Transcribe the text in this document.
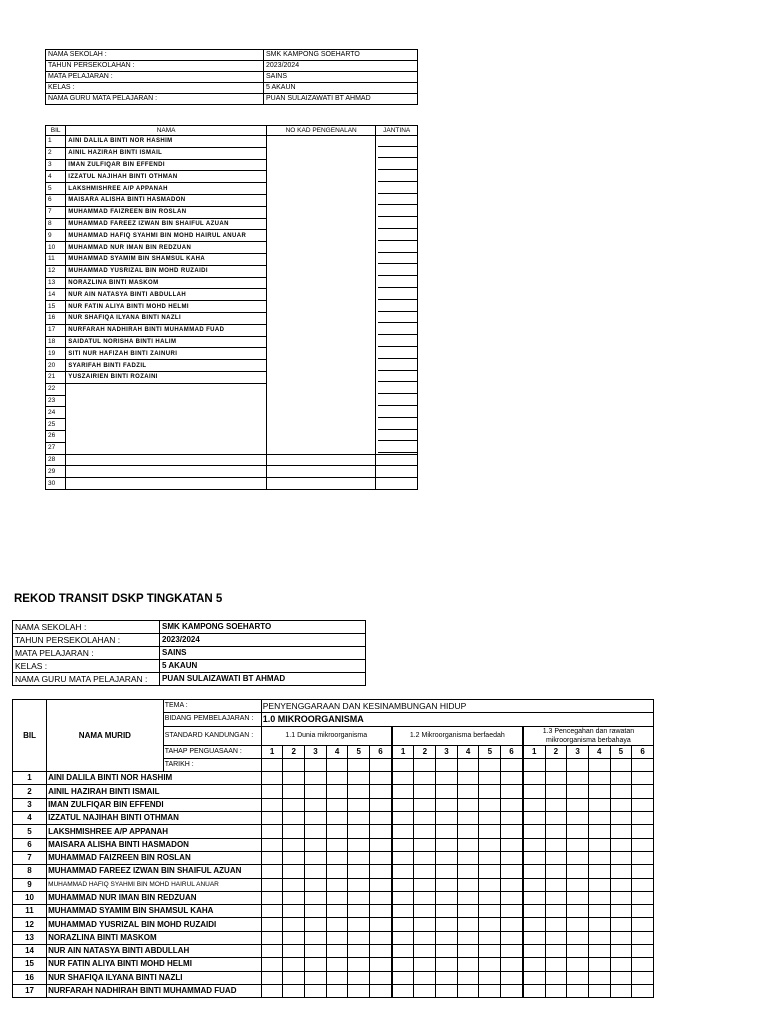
NAMA SEKOLAH :	SMK KAMPONG SOEHARTO
TAHUN PERSEKOLAHAN :	2023/2024
MATA PELAJARAN :	SAINS
KELAS :	5 AKAUN
NAMA GURU MATA PELAJARAN :	PUAN SULAIZAWATI BT AHMAD
BIL	NAMA	NO KAD PENGENALAN	JANTINA
1	AINI DALILA BINTI NOR HASHIM		

2	AINIL HAZIRAH BINTI ISMAIL		

3	IMAN ZULFIQAR BIN EFFENDI		

4	IZZATUL NAJIHAH BINTI OTHMAN		

5	LAKSHMISHREE A/P APPANAH		

6	MAISARA ALISHA BINTI HASMADON		

7	MUHAMMAD FAIZREEN BIN ROSLAN		

8	MUHAMMAD FAREEZ IZWAN BIN SHAIFUL AZUAN		

9	MUHAMMAD HAFIQ SYAHMI BIN MOHD HAIRUL ANUAR		

10	MUHAMMAD NUR IMAN BIN REDZUAN		

11	MUHAMMAD SYAMIM BIN SHAMSUL KAHA		

12	MUHAMMAD YUSRIZAL BIN MOHD RUZAIDI		

13	NORAZLINA BINTI MASKOM		

14	NUR AIN NATASYA BINTI ABDULLAH		

15	NUR FATIN ALIYA BINTI MOHD HELMI		

16	NUR SHAFIQA ILYANA BINTI NAZLI		

17	NURFARAH NADHIRAH BINTI MUHAMMAD FUAD		

18	SAIDATUL NORISHA BINTI HALIM		

19	SITI NUR HAFIZAH BINTI ZAINURI		

20	SYARIFAH BINTI FADZIL		

21	YUSZAIRIEN BINTI ROZAINI		

22			

23			

24			

25			

26			

27			

28			

29			

30			
REKOD TRANSIT DSKP TINGKATAN 5
NAMA SEKOLAH :	SMK KAMPONG SOEHARTO
TAHUN PERSEKOLAHAN :	2023/2024
MATA PELAJARAN :	SAINS
KELAS :	5 AKAUN
NAMA GURU MATA PELAJARAN :	PUAN SULAIZAWATI BT AHMAD
BIL	NAMA MURID	TEMA :	PENYENGGARAAN DAN KESINAMBUNGAN HIDUP																	
		BIDANG PEMBELAJARAN :	1.0 MIKROORGANISMA																	
		STANDARD KANDUNGAN :	1.1 Dunia mikroorganisma						1.2 Mikroorganisma berfaedah						1.3 Pencegahan dan rawatan mikroorganisma berbahaya					

		TAHAP PENGUASAAN :	1	2	3	4	5	6	1	2	3	4	5	6	1	2	3	4	5	6
		TARIKH :																		
1	AINI DALILA BINTI NOR HASHIM																			
2	AINIL HAZIRAH BINTI ISMAIL																			
3	IMAN ZULFIQAR BIN EFFENDI																			
4	IZZATUL NAJIHAH BINTI OTHMAN																			
5	LAKSHMISHREE A/P APPANAH																			
6	MAISARA ALISHA BINTI HASMADON																			
7	MUHAMMAD FAIZREEN BIN ROSLAN																			
8	MUHAMMAD FAREEZ IZWAN BIN SHAIFUL AZUAN																			
9	MUHAMMAD HAFIQ SYAHMI BIN MOHD HAIRUL ANUAR																			
10	MUHAMMAD NUR IMAN BIN REDZUAN																			
11	MUHAMMAD SYAMIM BIN SHAMSUL KAHA																			
12	MUHAMMAD YUSRIZAL BIN MOHD RUZAIDI																			
13	NORAZLINA BINTI MASKOM																			
14	NUR AIN NATASYA BINTI ABDULLAH																			
15	NUR FATIN ALIYA BINTI MOHD HELMI																			
16	NUR SHAFIQA ILYANA BINTI NAZLI																			
17	NURFARAH NADHIRAH BINTI MUHAMMAD FUAD																			
